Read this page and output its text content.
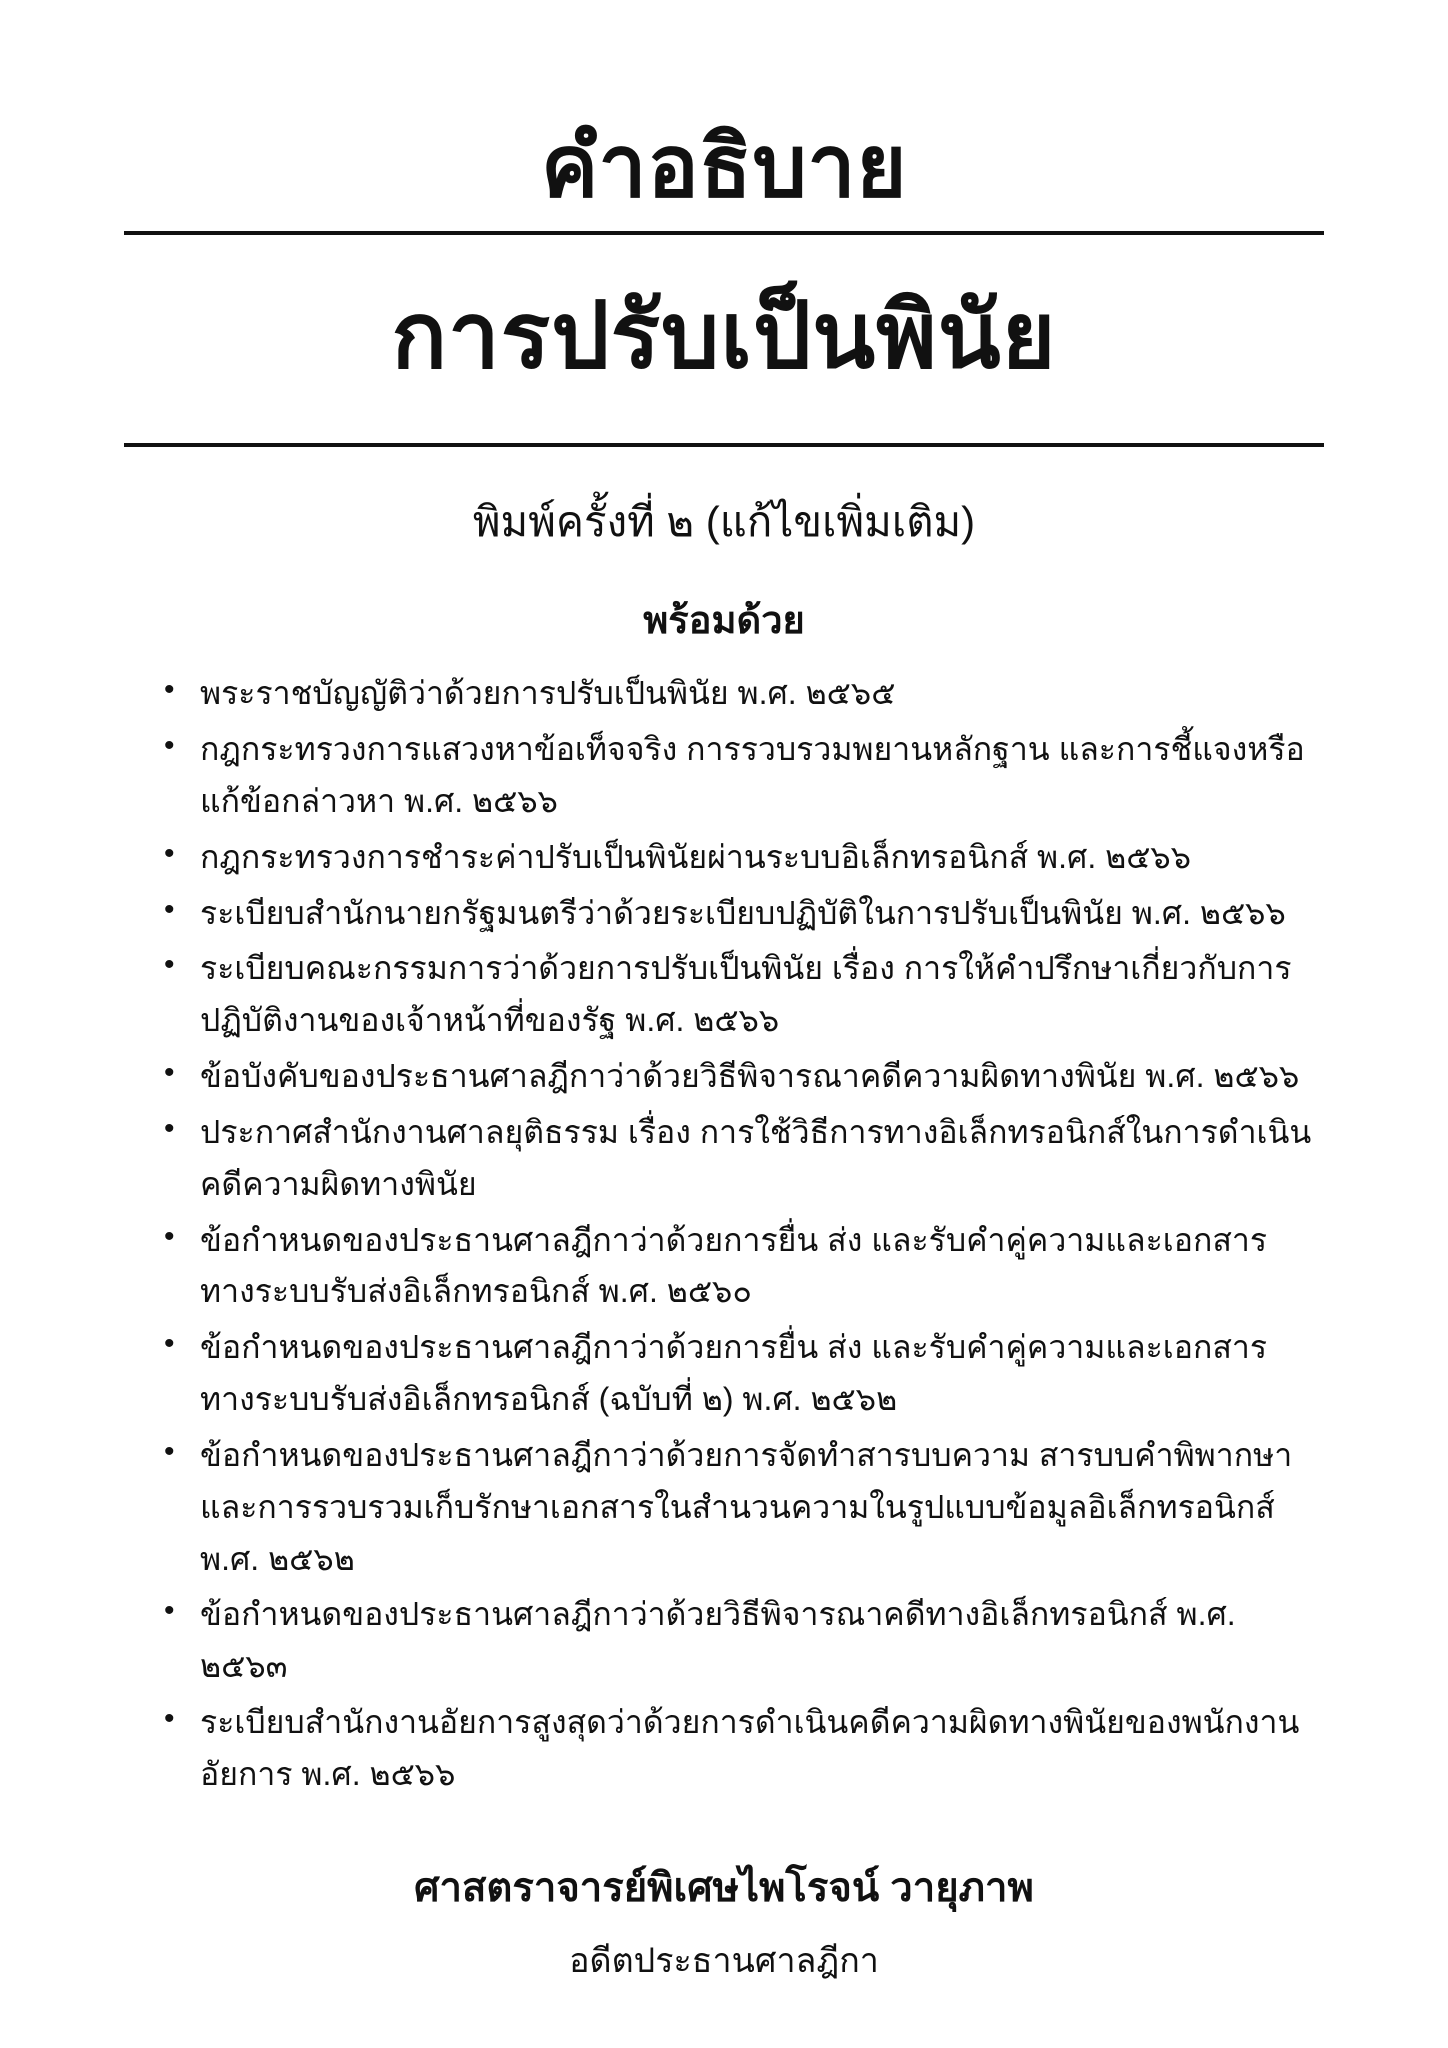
คำอธิบาย
การปรับเป็นพินัย
พิมพ์ครั้งที่ ๒ (แก้ไขเพิ่มเติม)
พร้อมด้วย
• พระราชบัญญัติว่าด้วยการปรับเป็นพินัย พ.ศ. ๒๕๖๕
• กฎกระทรวงการแสวงหาข้อเท็จจริง การรวบรวมพยานหลักฐาน และการชี้แจงหรือแก้ข้อกล่าวหา พ.ศ. ๒๕๖๖
• กฎกระทรวงการชำระค่าปรับเป็นพินัยผ่านระบบอิเล็กทรอนิกส์ พ.ศ. ๒๕๖๖
• ระเบียบสำนักนายกรัฐมนตรีว่าด้วยระเบียบปฏิบัติในการปรับเป็นพินัย พ.ศ. ๒๕๖๖
• ระเบียบคณะกรรมการว่าด้วยการปรับเป็นพินัย เรื่อง การให้คำปรึกษาเกี่ยวกับการปฏิบัติงานของเจ้าหน้าที่ของรัฐ พ.ศ. ๒๕๖๖
• ข้อบังคับของประธานศาลฎีกาว่าด้วยวิธีพิจารณาคดีความผิดทางพินัย พ.ศ. ๒๕๖๖
• ประกาศสำนักงานศาลยุติธรรม เรื่อง การใช้วิธีการทางอิเล็กทรอนิกส์ในการดำเนินคดีความผิดทางพินัย
• ข้อกำหนดของประธานศาลฎีกาว่าด้วยการยื่น ส่ง และรับคำคู่ความและเอกสารทางระบบรับส่งอิเล็กทรอนิกส์ พ.ศ. ๒๕๖๐
• ข้อกำหนดของประธานศาลฎีกาว่าด้วยการยื่น ส่ง และรับคำคู่ความและเอกสารทางระบบรับส่งอิเล็กทรอนิกส์ (ฉบับที่ ๒) พ.ศ. ๒๕๖๒
• ข้อกำหนดของประธานศาลฎีกาว่าด้วยการจัดทำสารบบความ สารบบคำพิพากษา และการรวบรวมเก็บรักษาเอกสารในสำนวนความในรูปแบบข้อมูลอิเล็กทรอนิกส์ พ.ศ. ๒๕๖๒
• ข้อกำหนดของประธานศาลฎีกาว่าด้วยวิธีพิจารณาคดีทางอิเล็กทรอนิกส์ พ.ศ. ๒๕๖๓
• ระเบียบสำนักงานอัยการสูงสุดว่าด้วยการดำเนินคดีความผิดทางพินัยของพนักงานอัยการ พ.ศ. ๒๕๖๖
ศาสตราจารย์พิเศษไพโรจน์ วายุภาพ
อดีตประธานศาลฎีกา
